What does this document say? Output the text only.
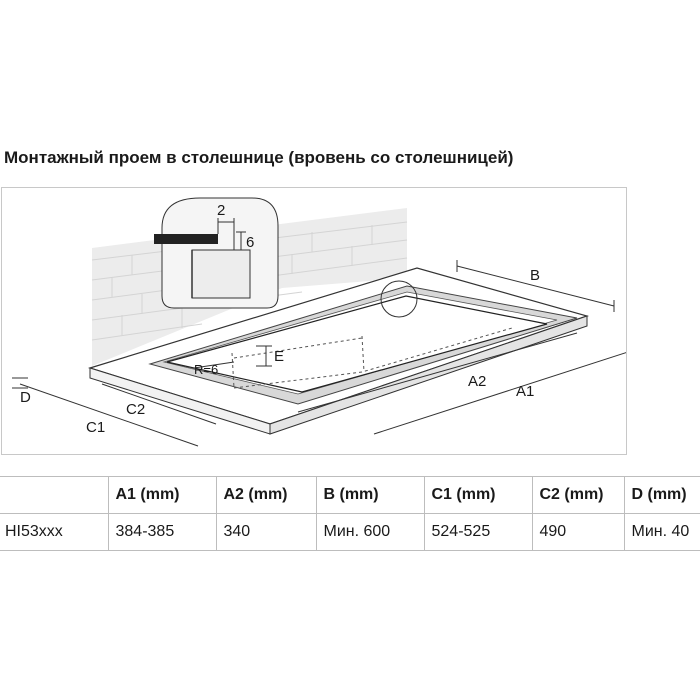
Монтажный проем в столешнице (вровень со столешницей)
2
6
B
A1
A2
C1
C2
D
E
R=6
	A1 (mm)	A2 (mm)	B (mm)	C1 (mm)	C2 (mm)	D (mm)
HI53xxx	384-385	340	Мин. 600	524-525	490	Мин. 40
